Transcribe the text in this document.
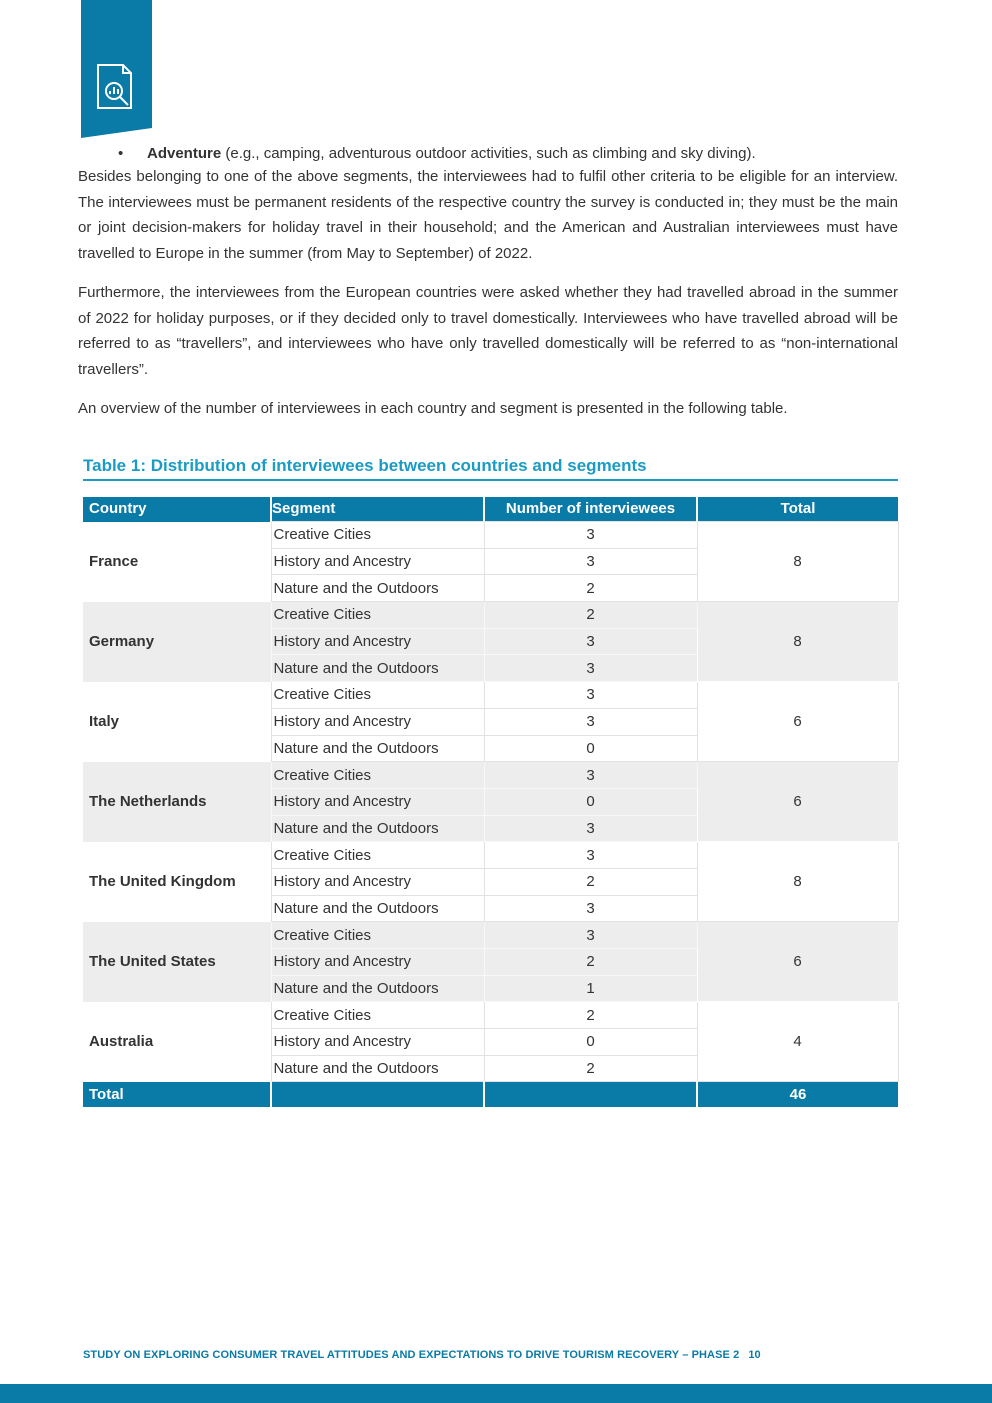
• Adventure (e.g., camping, adventurous outdoor activities, such as climbing and sky diving).

Besides belonging to one of the above segments, the interviewees had to fulfil other criteria to be eligible for an interview. The interviewees must be permanent residents of the respective country the survey is conducted in; they must be the main or joint decision-makers for holiday travel in their household; and the American and Australian interviewees must have travelled to Europe in the summer (from May to September) of 2022.

Furthermore, the interviewees from the European countries were asked whether they had travelled abroad in the summer of 2022 for holiday purposes, or if they decided only to travel domestically. Interviewees who have travelled abroad will be referred to as “travellers”, and interviewees who have only travelled domestically will be referred to as “non-international travellers”.

An overview of the number of interviewees in each country and segment is presented in the following table.

Table 1: Distribution of interviewees between countries and segments
Country	Segment	Number of interviewees	Total
France	Creative Cities	3	8
	History and Ancestry	3	
	Nature and the Outdoors	2	
Germany	Creative Cities	2	8
	History and Ancestry	3	
	Nature and the Outdoors	3	
Italy	Creative Cities	3	6
	History and Ancestry	3	
	Nature and the Outdoors	0	
The Netherlands	Creative Cities	3	6
	History and Ancestry	0	
	Nature and the Outdoors	3	
The United Kingdom	Creative Cities	3	8
	History and Ancestry	2	
	Nature and the Outdoors	3	
The United States	Creative Cities	3	6
	History and Ancestry	2	
	Nature and the Outdoors	1	
Australia	Creative Cities	2	4
	History and Ancestry	0	
	Nature and the Outdoors	2	
Total			46
STUDY ON EXPLORING CONSUMER TRAVEL ATTITUDES AND EXPECTATIONS TO DRIVE TOURISM RECOVERY – PHASE 2 10
